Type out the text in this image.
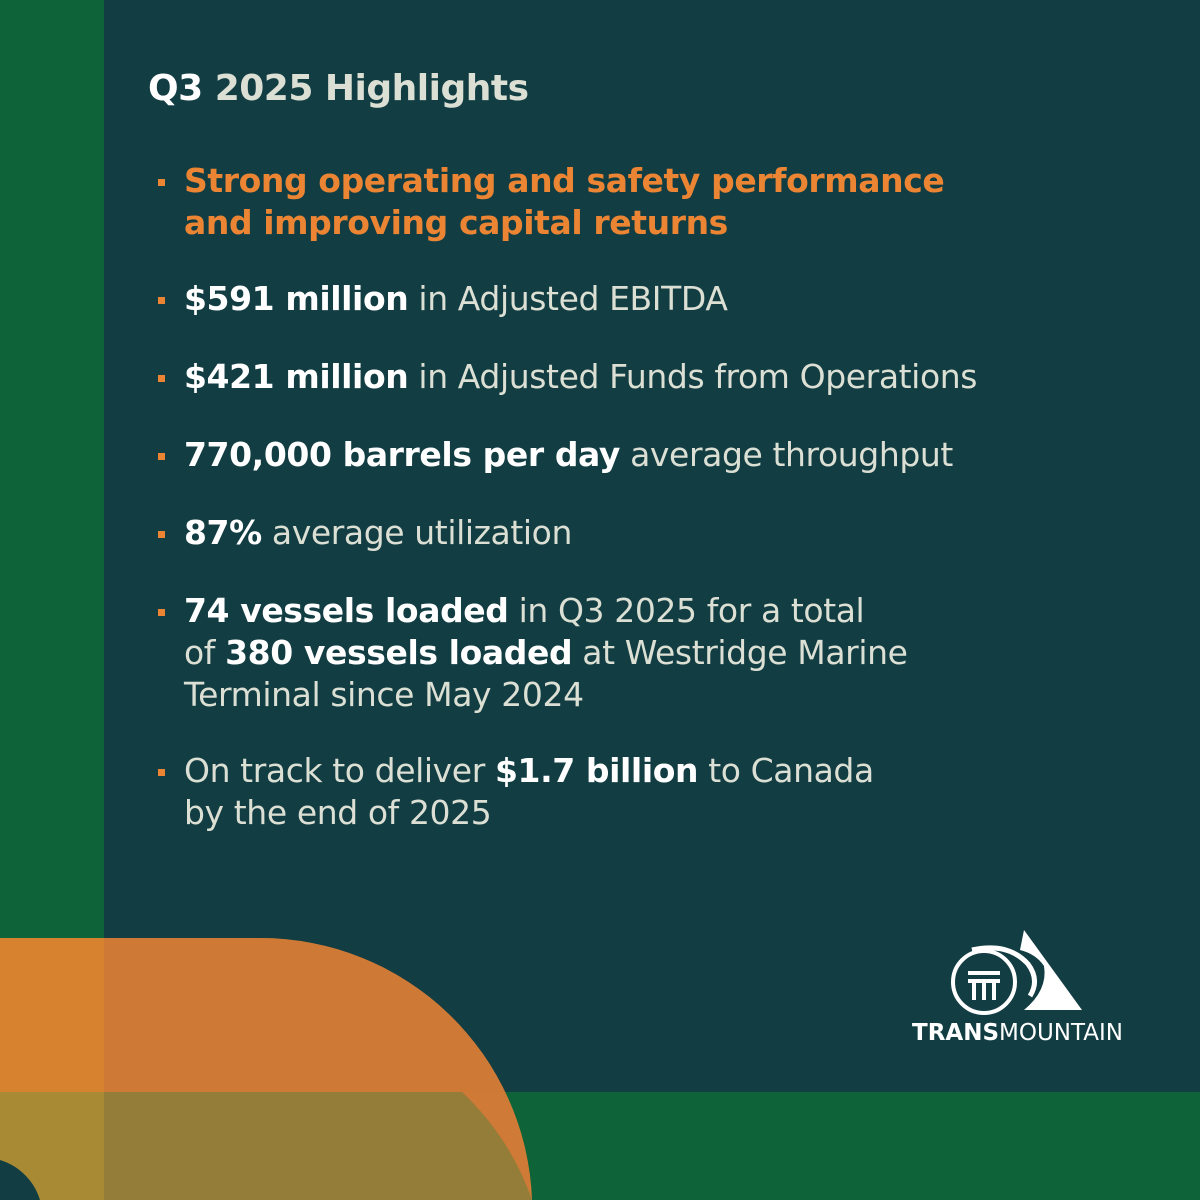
Q3 2025 Highlights
Strong operating and safety performance
and improving capital returns
$591 million in Adjusted EBITDA
$421 million in Adjusted Funds from Operations
770,000 barrels per day average throughput
87% average utilization
74 vessels loaded in Q3 2025 for a total
of 380 vessels loaded at Westridge Marine
Terminal since May 2024
On track to deliver $1.7 billion to Canada
by the end of 2025
TRANSMOUNTAIN
